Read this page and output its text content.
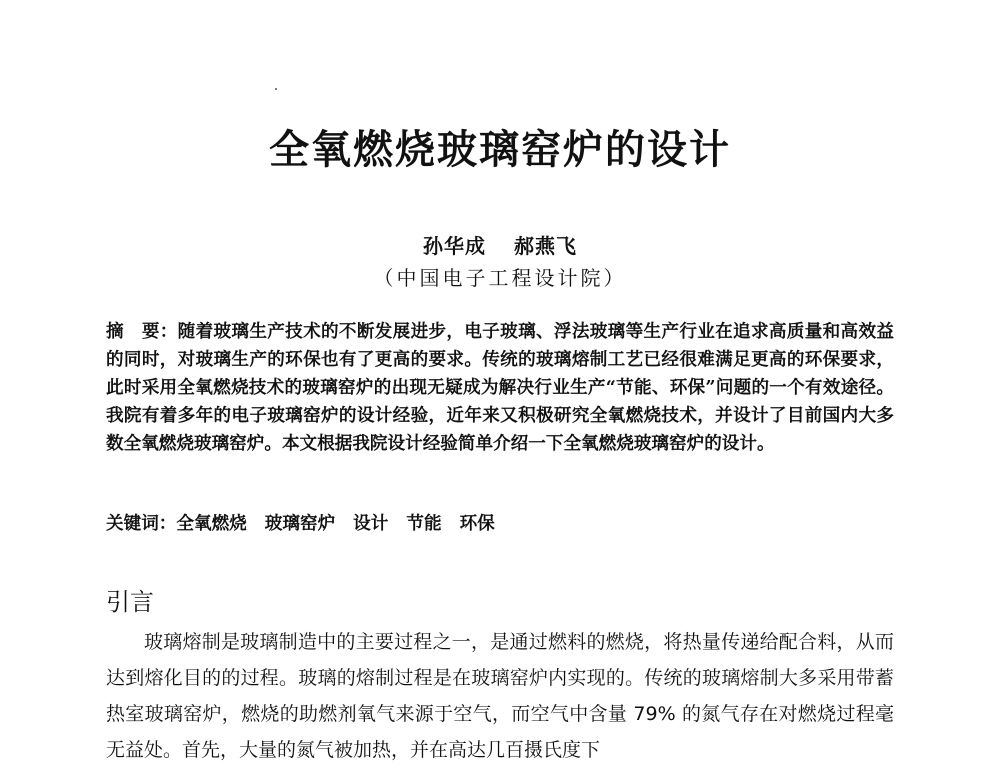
全氧燃烧玻璃窑炉的设计
孙华成 郝燕飞
（中国电子工程设计院）
摘　要：随着玻璃生产技术的不断发展进步，电子玻璃、浮法玻璃等生产行业在追求高质量和高效益的同时，对玻璃生产的环保也有了更高的要求。传统的玻璃熔制工艺已经很难满足更高的环保要求，此时采用全氧燃烧技术的玻璃窑炉的出现无疑成为解决行业生产“节能、环保”问题的一个有效途径。我院有着多年的电子玻璃窑炉的设计经验，近年来又积极研究全氧燃烧技术，并设计了目前国内大多数全氧燃烧玻璃窑炉。本文根据我院设计经验简单介绍一下全氧燃烧玻璃窑炉的设计。
关键词：全氧燃烧 玻璃窑炉 设计 节能 环保
引言

玻璃熔制是玻璃制造中的主要过程之一，是通过燃料的燃烧，将热量传递给配合料，从而达到熔化目的的过程。玻璃的熔制过程是在玻璃窑炉内实现的。传统的玻璃熔制大多采用带蓄热室玻璃窑炉，燃烧的助燃剂氧气来源于空气，而空气中含量 79% 的氮气存在对燃烧过程毫无益处。首先，大量的氮气被加热，并在高达几百摄氏度下
